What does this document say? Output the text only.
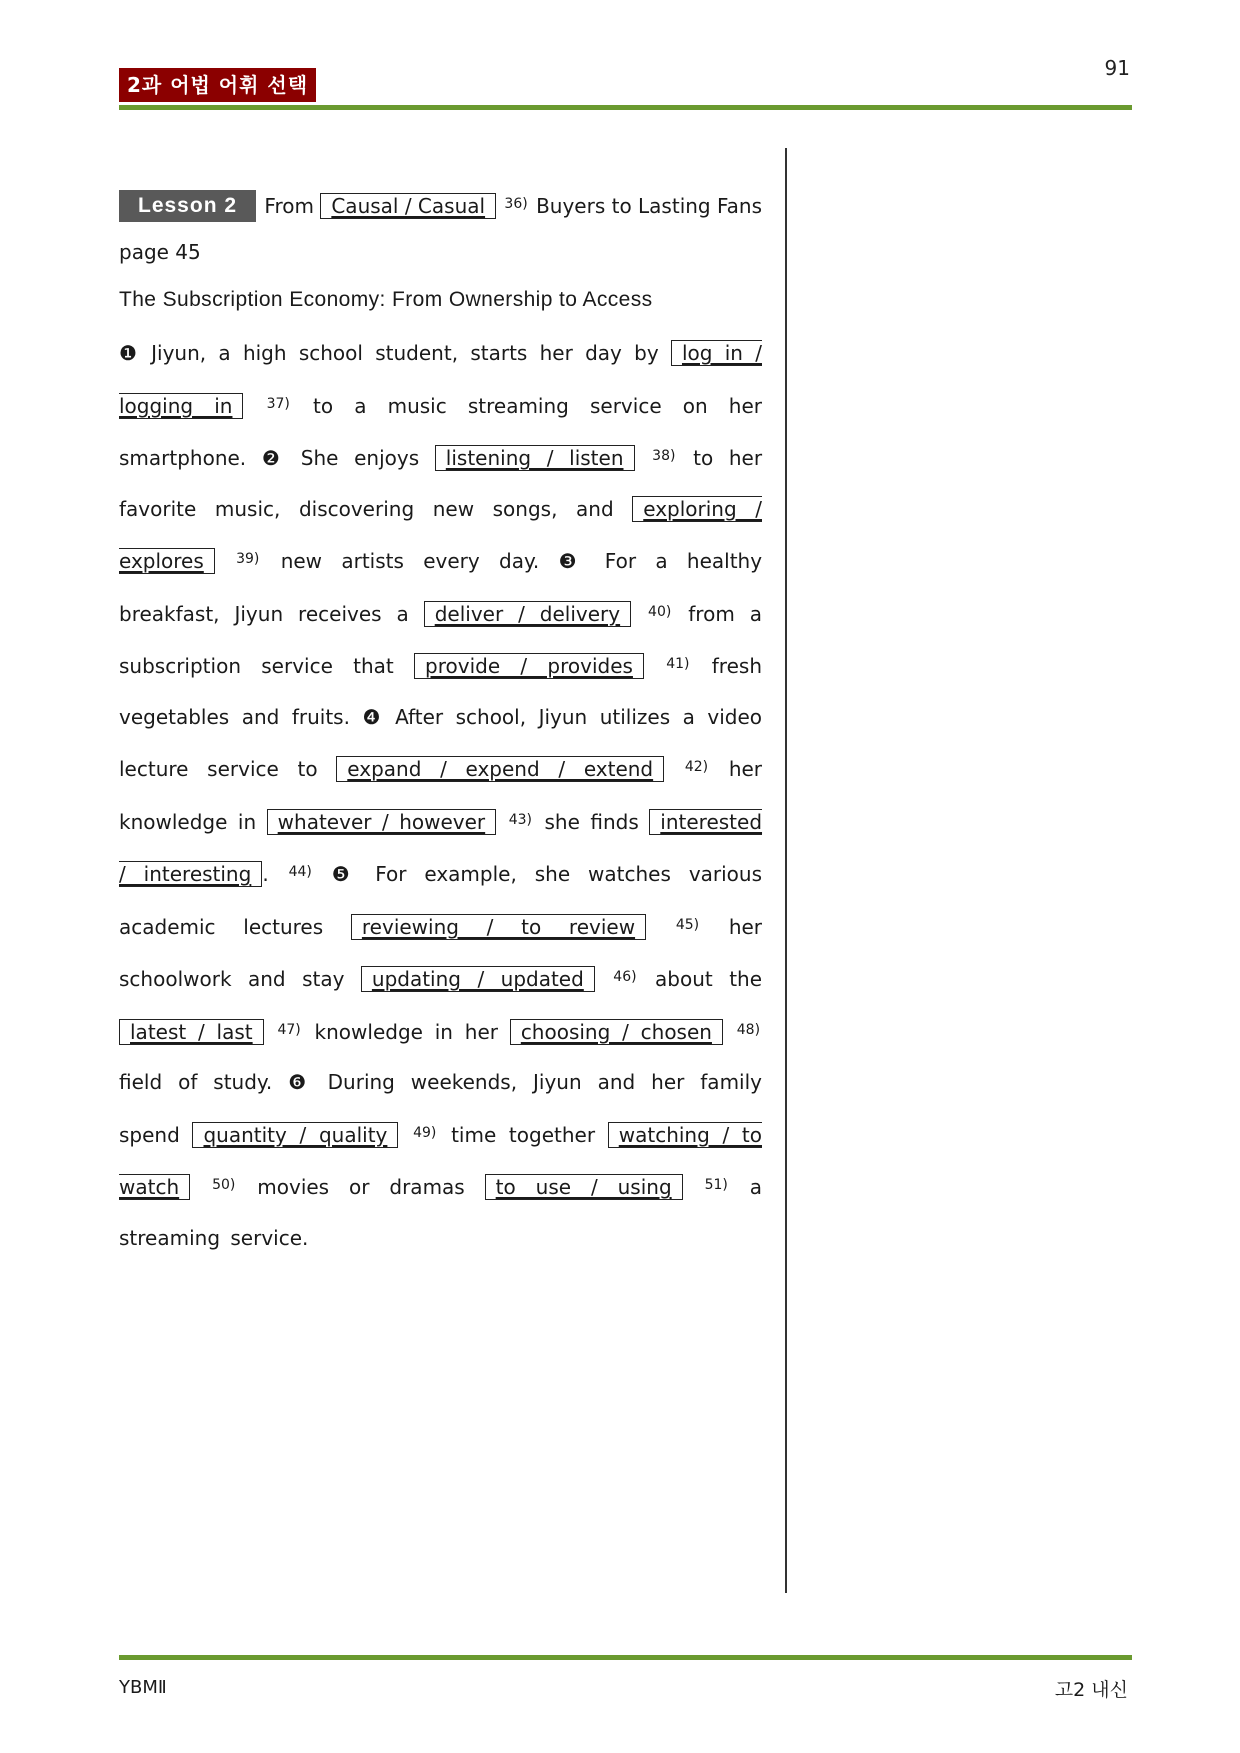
91
2과 어법 어휘 선택
Lesson 2	From Causal / Casual $^{36)}$ Buyers to Lasting Fans
page 45
The Subscription Economy: From Ownership to Access
❶ Jiyun, a high school student, starts her day by log in / logging in $^{37)}$ to a music streaming service on her smartphone. ❷ She enjoys listening / listen $^{38)}$ to her favorite music, discovering new songs, and exploring / explores $^{39)}$ new artists every day. ❸ For a healthy breakfast, Jiyun receives a deliver / delivery $^{40)}$ from a subscription service that provide / provides $^{41)}$ fresh vegetables and fruits. ❹ After school, Jiyun utilizes a video lecture service to expand / expend / extend $^{42)}$ her knowledge in whatever / however $^{43)}$ she finds interested / interesting . $^{44)}$ ❺ For example, she watches various academic lectures reviewing / to review	$^{45)}$ her schoolwork and stay updating / updated $^{46)}$ about the latest / last $^{47)}$ knowledge in her choosing / chosen $^{48)}$ field of study. ❻ During weekends, Jiyun and her family spend quantity / quality $^{49)}$ time together watching / to watch $^{50)}$ movies or dramas to use / using $^{51)}$ a streaming service.
YBMⅡ	고2 내신
